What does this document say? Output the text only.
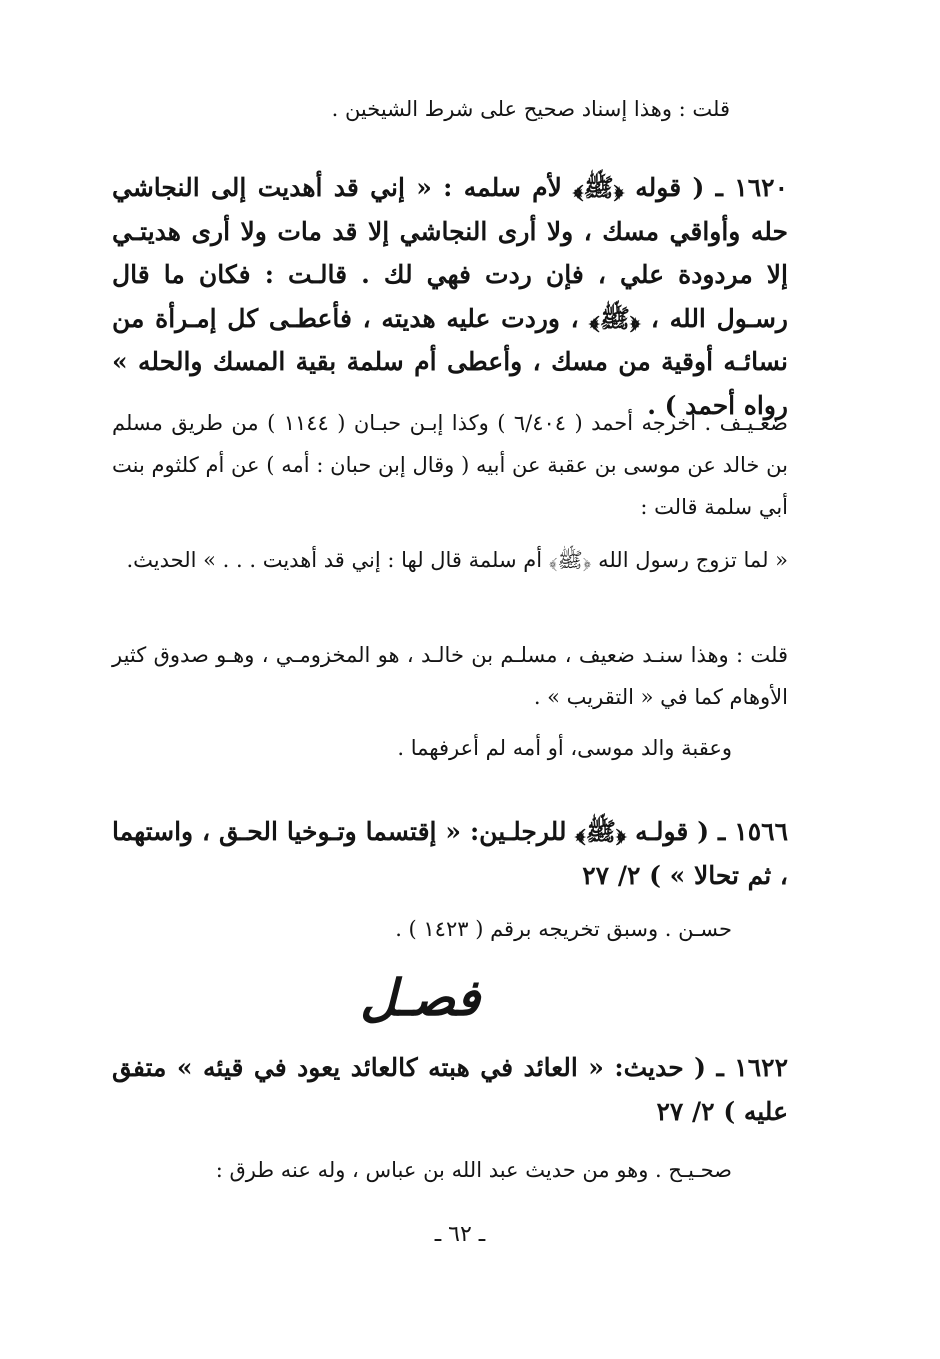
قلت : وهذا إسناد صحيح على شرط الشيخين .

١٦٢٠ ـ ( قوله ﴿ﷺ﴾ لأم سلمه : « إني قد أهديت إلى النجاشي حله وأواقي مسك ، ولا أرى النجاشي إلا قد مات ولا أرى هديتـي إلا مردودة علي ، فإن ردت فهي لك . قالـت : فكان ما قال رسـول الله ، ﴿ﷺ﴾ ، وردت عليه هديته ، فأعطـى كل إمـرأة من نسائـه أوقية من مسك ، وأعطى أم سلمة بقية المسك والحله » رواه أحمد ) .

ضعـيـف . أخرجه أحمد ( ٦/٤٠٤ ) وكذا إبـن حبـان ( ١١٤٤ ) من طريق مسلم بن خالد عن موسى بن عقبة عن أبيه ( وقال إبن حبان : أمه ) عن أم كلثوم بنت أبي سلمة قالت :

« لما تزوج رسول الله ﴿ﷺ﴾ أم سلمة قال لها : إني قد أهديت . . . » الحديث.

قلت : وهذا سنـد ضعيف ، مسلـم بن خالـد ، هو المخزومـي ، وهـو صدوق كثير الأوهام كما في « التقريب » .

وعقبة والد موسى، أو أمه لم أعرفهما .

١٥٦٦ ـ ( قولـه ﴿ﷺ﴾ للرجلـين: « إقتسما وتـوخيا الحـق ، واستهما ، ثم تحالا » ) ٢/ ٢٧

حسـن . وسبق تخريجه برقم ( ١٤٢٣ ) .

فصـل

١٦٢٢ ـ ( حديث: « العائد في هبته كالعائد يعود في قيئه » متفق عليه ) ٢/ ٢٧

صحـيـح . وهو من حديث عبد الله بن عباس ، وله عنه طرق :

ـ ٦٢ ـ
